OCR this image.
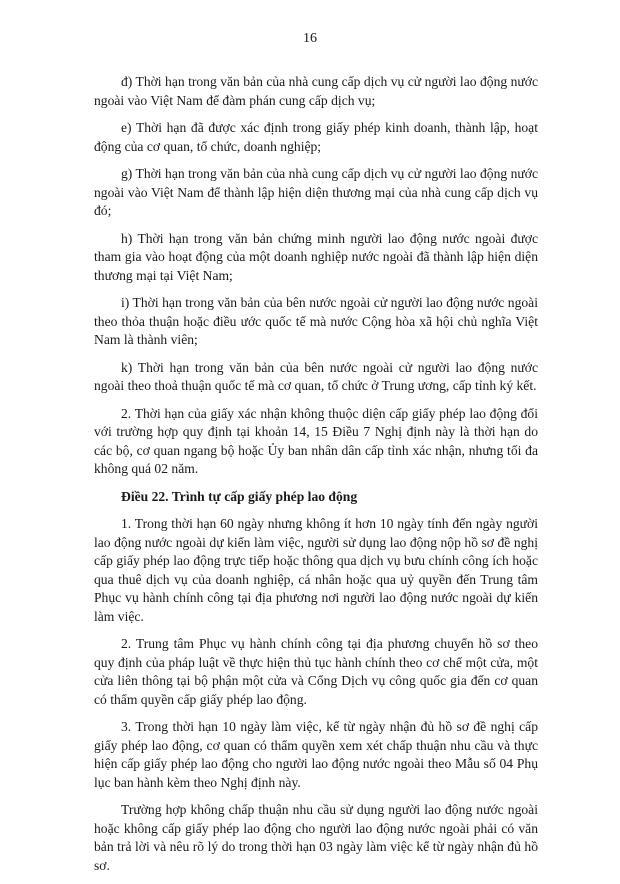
16

đ) Thời hạn trong văn bản của nhà cung cấp dịch vụ cử người lao động nước ngoài vào Việt Nam để đàm phán cung cấp dịch vụ;

e) Thời hạn đã được xác định trong giấy phép kinh doanh, thành lập, hoạt động của cơ quan, tổ chức, doanh nghiệp;

g) Thời hạn trong văn bản của nhà cung cấp dịch vụ cử người lao động nước ngoài vào Việt Nam để thành lập hiện diện thương mại của nhà cung cấp dịch vụ đó;

h) Thời hạn trong văn bản chứng minh người lao động nước ngoài được tham gia vào hoạt động của một doanh nghiệp nước ngoài đã thành lập hiện diện thương mại tại Việt Nam;

i) Thời hạn trong văn bản của bên nước ngoài cử người lao động nước ngoài theo thỏa thuận hoặc điều ước quốc tế mà nước Cộng hòa xã hội chủ nghĩa Việt Nam là thành viên;

k) Thời hạn trong văn bản của bên nước ngoài cử người lao động nước ngoài theo thoả thuận quốc tế mà cơ quan, tổ chức ở Trung ương, cấp tỉnh ký kết.

2. Thời hạn của giấy xác nhận không thuộc diện cấp giấy phép lao động đối với trường hợp quy định tại khoản 14, 15 Điều 7 Nghị định này là thời hạn do các bộ, cơ quan ngang bộ hoặc Ủy ban nhân dân cấp tỉnh xác nhận, nhưng tối đa không quá 02 năm.

Điều 22. Trình tự cấp giấy phép lao động

1. Trong thời hạn 60 ngày nhưng không ít hơn 10 ngày tính đến ngày người lao động nước ngoài dự kiến làm việc, người sử dụng lao động nộp hồ sơ đề nghị cấp giấy phép lao động trực tiếp hoặc thông qua dịch vụ bưu chính công ích hoặc qua thuê dịch vụ của doanh nghiệp, cá nhân hoặc qua uỷ quyền đến Trung tâm Phục vụ hành chính công tại địa phương nơi người lao động nước ngoài dự kiến làm việc.

2. Trung tâm Phục vụ hành chính công tại địa phương chuyển hồ sơ theo quy định của pháp luật về thực hiện thủ tục hành chính theo cơ chế một cửa, một cửa liên thông tại bộ phận một cửa và Cổng Dịch vụ công quốc gia đến cơ quan có thẩm quyền cấp giấy phép lao động.

3. Trong thời hạn 10 ngày làm việc, kể từ ngày nhận đủ hồ sơ đề nghị cấp giấy phép lao động, cơ quan có thẩm quyền xem xét chấp thuận nhu cầu và thực hiện cấp giấy phép lao động cho người lao động nước ngoài theo Mẫu số 04 Phụ lục ban hành kèm theo Nghị định này.

Trường hợp không chấp thuận nhu cầu sử dụng người lao động nước ngoài hoặc không cấp giấy phép lao động cho người lao động nước ngoài phải có văn bản trả lời và nêu rõ lý do trong thời hạn 03 ngày làm việc kể từ ngày nhận đủ hồ sơ.
